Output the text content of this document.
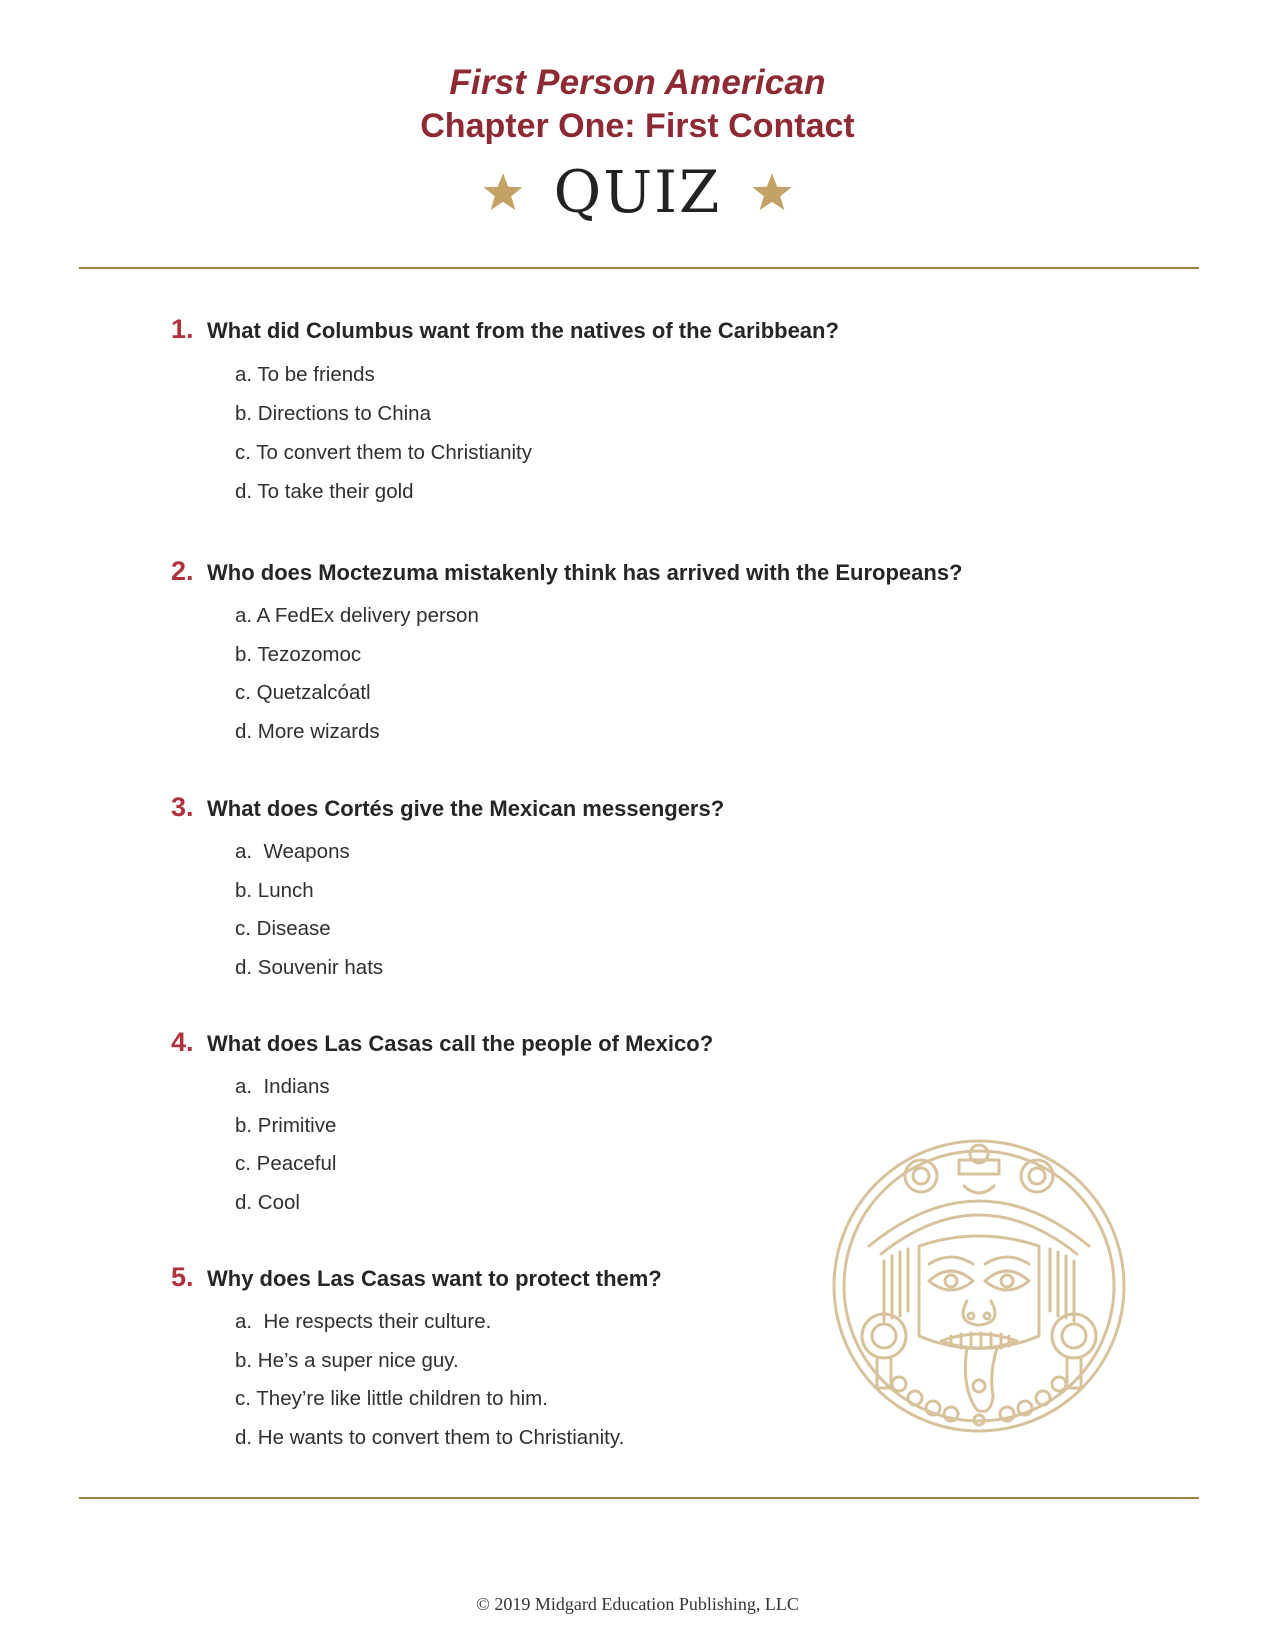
First Person American
Chapter One: First Contact
QUIZ
1. What did Columbus want from the natives of the Caribbean?
a. To be friends
b. Directions to China
c. To convert them to Christianity
d. To take their gold
2. Who does Moctezuma mistakenly think has arrived with the Europeans?
a. A FedEx delivery person
b. Tezozomoc
c. Quetzalcóatl
d. More wizards
3. What does Cortés give the Mexican messengers?
a.  Weapons
b. Lunch
c. Disease
d. Souvenir hats
4. What does Las Casas call the people of Mexico?
a.  Indians
b. Primitive
c. Peaceful
d. Cool
5. Why does Las Casas want to protect them?
a.  He respects their culture.
b. He’s a super nice guy.
c. They’re like little children to him.
d. He wants to convert them to Christianity.
© 2019 Midgard Education Publishing, LLC
